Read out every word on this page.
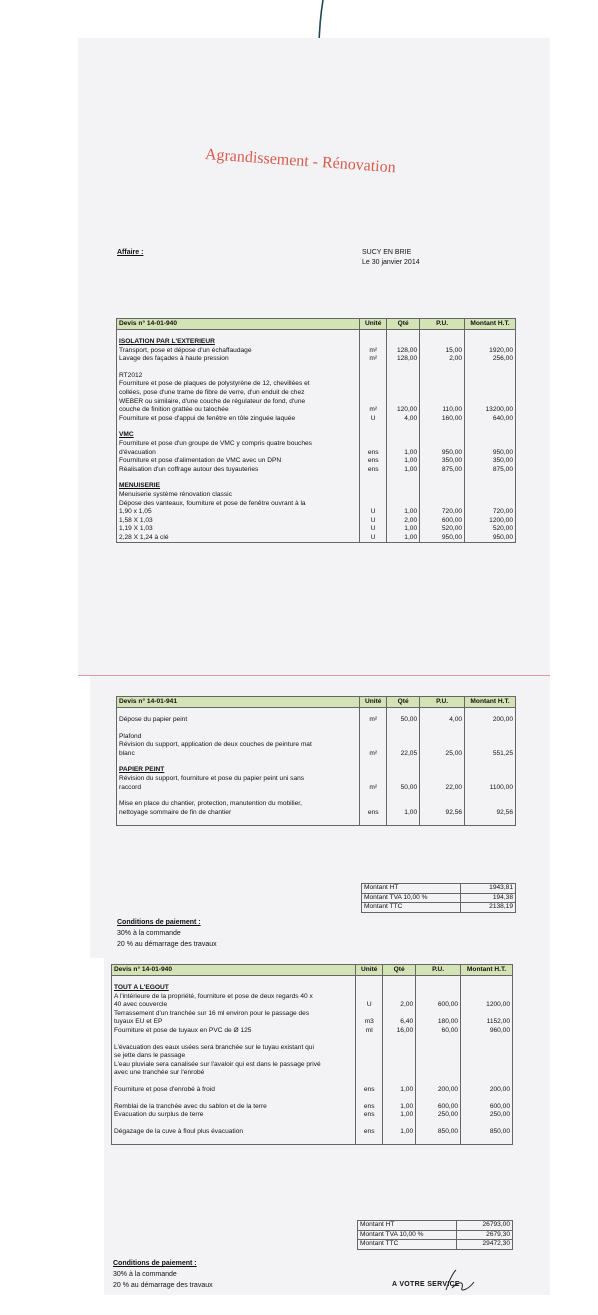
Agrandissement - Rénovation
Affaire :	SUCY EN BRIE
Le 30 janvier 2014
Devis n° 14-01-940	Unité	Qté	P.U.	Montant H.T.

ISOLATION PAR L'EXTERIEUR				
Transport, pose et dépose d'un échaffaudage	m²	128,00	15,00	1920,00
Lavage des façades à haute pression	m²	128,00	2,00	256,00

RT2012				
Fourniture et pose de plaques de polystyrène de 12, chevillées et				
collées, pose d'une trame de fibre de verre, d'un enduit de chez				
WEBER ou similaire, d'une couche de régulateur de fond, d'une				
couche de finition grattée ou talochée	m²	120,00	110,00	13200,00
Fourniture et pose d'appui de fenêtre en tôle zinguée laquée	U	4,00	160,00	640,00

VMC				
Fourniture et pose d'un groupe de VMC y compris quatre bouches				
d'évacuation	ens	1,00	950,00	950,00
Fourniture et pose d'alimentation de VMC avec un DPN	ens	1,00	350,00	350,00
Réalisation d'un coffrage autour des tuyauteries	ens	1,00	875,00	875,00

MENUISERIE				
Menuiserie système rénovation classic				
Dépose des vanteaux, fourniture et pose de fenêtre ouvrant à la				
1,90 x 1,05	U	1,00	720,00	720,00
1,58 X 1,03	U	2,00	600,00	1200,00
1,19 X 1,03	U	1,00	520,00	520,00
2,28 X 1,24 à clé	U	1,00	950,00	950,00
Devis n° 14-01-941	Unité	Qté	P.U.	Montant H.T.

Dépose du papier peint	m²	50,00	4,00	200,00

Plafond				
Révision du support, application de deux couches de peinture mat				
blanc	m²	22,05	25,00	551,25

PAPIER PEINT				
Révision du support, fourniture et pose du papier peint uni sans				
raccord	m²	50,00	22,00	1100,00

Mise en place du chantier, protection, manutention du mobilier,				
nettoyage sommaire de fin de chantier	ens	1,00	92,56	92,56

Montant HT	1943,81
Montant TVA 10,00 %	194,38
Montant TTC	2138,19
Conditions de paiement :
30% à la commande
20 % au démarrage des travaux
Devis n° 14-01-940	Unité	Qté	P.U.	Montant H.T.

TOUT A L'EGOUT				
A l'intérieure de la propriété, fourniture et pose de deux regards 40 x				
40 avec couvercle	U	2,00	600,00	1200,00
Terrassement d'un tranchée sur 16 ml environ pour le passage des				
tuyaux EU et EP	m3	6,40	180,00	1152,00
Fourniture et pose de tuyaux en PVC de Ø 125	ml	16,00	60,00	960,00

L'évacuation des eaux usées sera branchée sur le tuyau existant qui				
se jette dans le passage				
L'eau pluviale sera canalisée sur l'avaloir qui est dans le passage privé				
avec une tranchée sur l'enrobé				

Fourniture et pose d'enrobé à froid	ens	1,00	200,00	200,00

Remblai de la tranchée avec du sablon et de la terre	ens	1,00	600,00	600,00
Evacuation du surplus de terre	ens	1,00	250,00	250,00

Dégazage de la cuve à floul plus évacuation	ens	1,00	850,00	850,00

Montant HT	26793,00
Montant TVA 10,00 %	2679,30
Montant TTC	29472,30
Conditions de paiement :
30% à la commande
20 % au démarrage des travaux	A VOTRE SERVICE
